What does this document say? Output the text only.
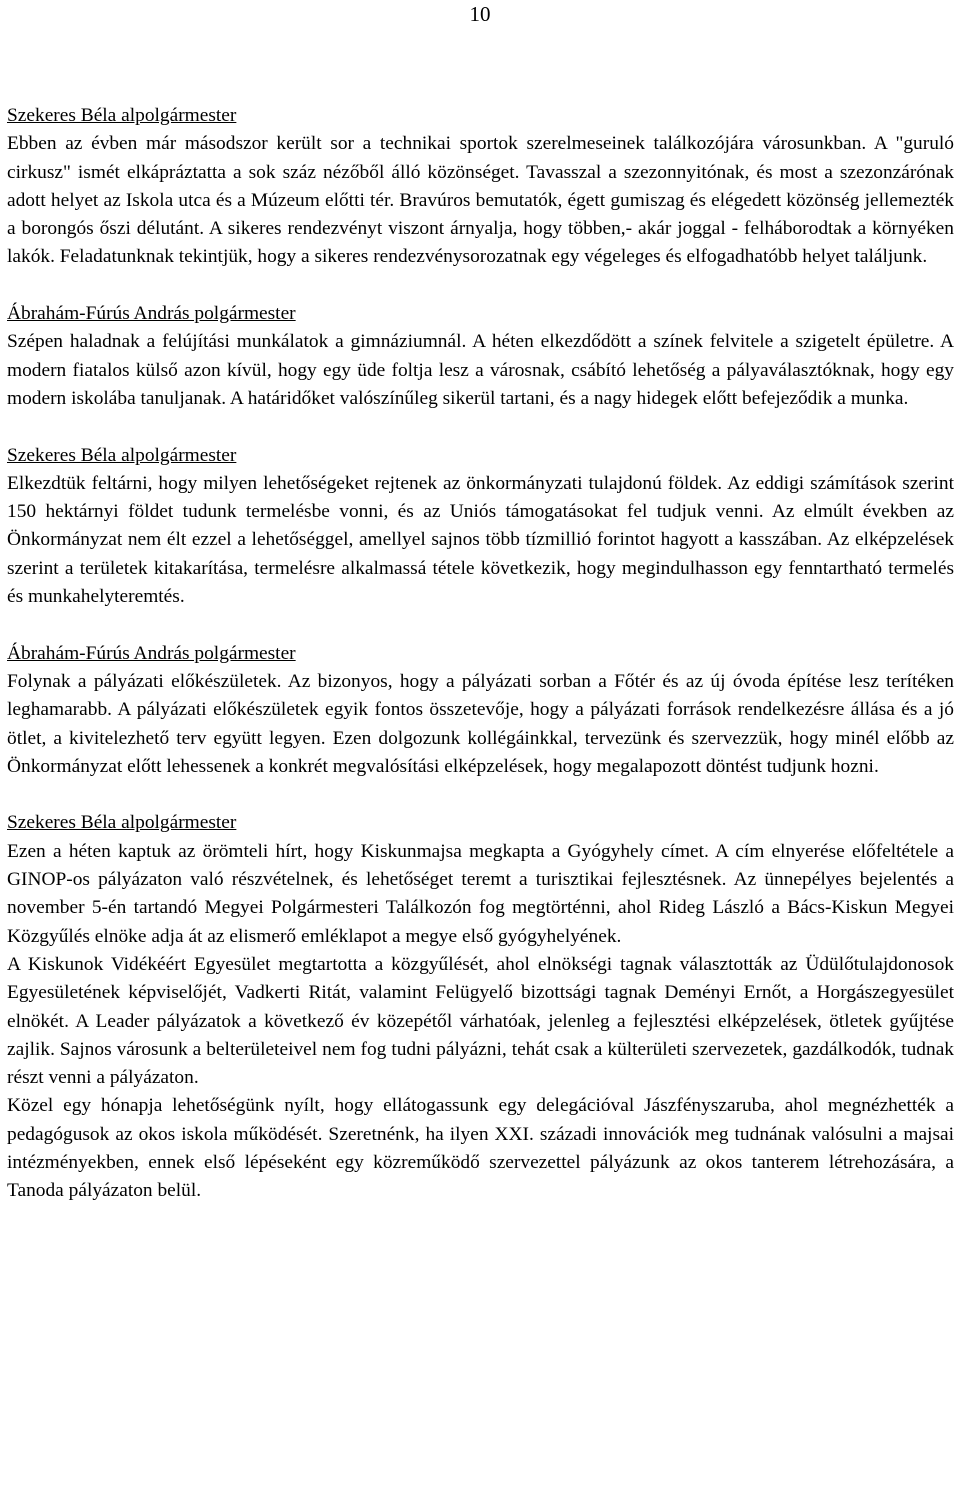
10

Szekeres Béla alpolgármester

Ebben az évben már másodszor került sor a technikai sportok szerelmeseinek találkozójára városunkban. A "guruló cirkusz" ismét elkápráztatta a sok száz nézőből álló közönséget. Tavasszal a szezonnyitónak, és most a szezonzárónak adott helyet az Iskola utca és a Múzeum előtti tér. Bravúros bemutatók, égett gumiszag és elégedett közönség jellemezték a borongós őszi délutánt. A sikeres rendezvényt viszont árnyalja, hogy többen,- akár joggal - felháborodtak a környéken lakók. Feladatunknak tekintjük, hogy a sikeres rendezvénysorozatnak egy végeleges és elfogadhatóbb helyet találjunk.

Ábrahám-Fúrús András polgármester

Szépen haladnak a felújítási munkálatok a gimnáziumnál. A héten elkezdődött a színek felvitele a szigetelt épületre. A modern fiatalos külső azon kívül, hogy egy üde foltja lesz a városnak, csábító lehetőség a pályaválasztóknak, hogy egy modern iskolába tanuljanak. A határidőket valószínűleg sikerül tartani, és a nagy hidegek előtt befejeződik a munka.

Szekeres Béla alpolgármester

Elkezdtük feltárni, hogy milyen lehetőségeket rejtenek az önkormányzati tulajdonú földek. Az eddigi számítások szerint 150 hektárnyi földet tudunk termelésbe vonni, és az Uniós támogatásokat fel tudjuk venni. Az elmúlt években az Önkormányzat nem élt ezzel a lehetőséggel, amellyel sajnos több tízmillió forintot hagyott a kasszában. Az elképzelések szerint a területek kitakarítása, termelésre alkalmassá tétele következik, hogy megindulhasson egy fenntartható termelés és munkahelyteremtés.

Ábrahám-Fúrús András polgármester

Folynak a pályázati előkészületek. Az bizonyos, hogy a pályázati sorban a Főtér és az új óvoda építése lesz terítéken leghamarabb. A pályázati előkészületek egyik fontos összetevője, hogy a pályázati források rendelkezésre állása és a jó ötlet, a kivitelezhető terv együtt legyen. Ezen dolgozunk kollégáinkkal, tervezünk és szervezzük, hogy minél előbb az Önkormányzat előtt lehessenek a konkrét megvalósítási elképzelések, hogy megalapozott döntést tudjunk hozni.

Szekeres Béla alpolgármester

Ezen a héten kaptuk az örömteli hírt, hogy Kiskunmajsa megkapta a Gyógyhely címet. A cím elnyerése előfeltétele a GINOP-os pályázaton való részvételnek, és lehetőséget teremt a turisztikai fejlesztésnek. Az ünnepélyes bejelentés a november 5-én tartandó Megyei Polgármesteri Találkozón fog megtörténni, ahol Rideg László a Bács-Kiskun Megyei Közgyűlés elnöke adja át az elismerő emléklapot a megye első gyógyhelyének.

A Kiskunok Vidékéért Egyesület megtartotta a közgyűlését, ahol elnökségi tagnak választották az Üdülőtulajdonosok Egyesületének képviselőjét, Vadkerti Ritát, valamint Felügyelő bizottsági tagnak Deményi Ernőt, a Horgászegyesület elnökét. A Leader pályázatok a következő év közepétől várhatóak, jelenleg a fejlesztési elképzelések, ötletek gyűjtése zajlik. Sajnos városunk a belterületeivel nem fog tudni pályázni, tehát csak a külterületi szervezetek, gazdálkodók, tudnak részt venni a pályázaton.

Közel egy hónapja lehetőségünk nyílt, hogy ellátogassunk egy delegációval Jászfényszaruba, ahol megnézhették a pedagógusok az okos iskola működését. Szeretnénk, ha ilyen XXI. századi innovációk meg tudnának valósulni a majsai intézményekben, ennek első lépéseként egy közreműködő szervezettel pályázunk az okos tanterem létrehozására, a Tanoda pályázaton belül.
